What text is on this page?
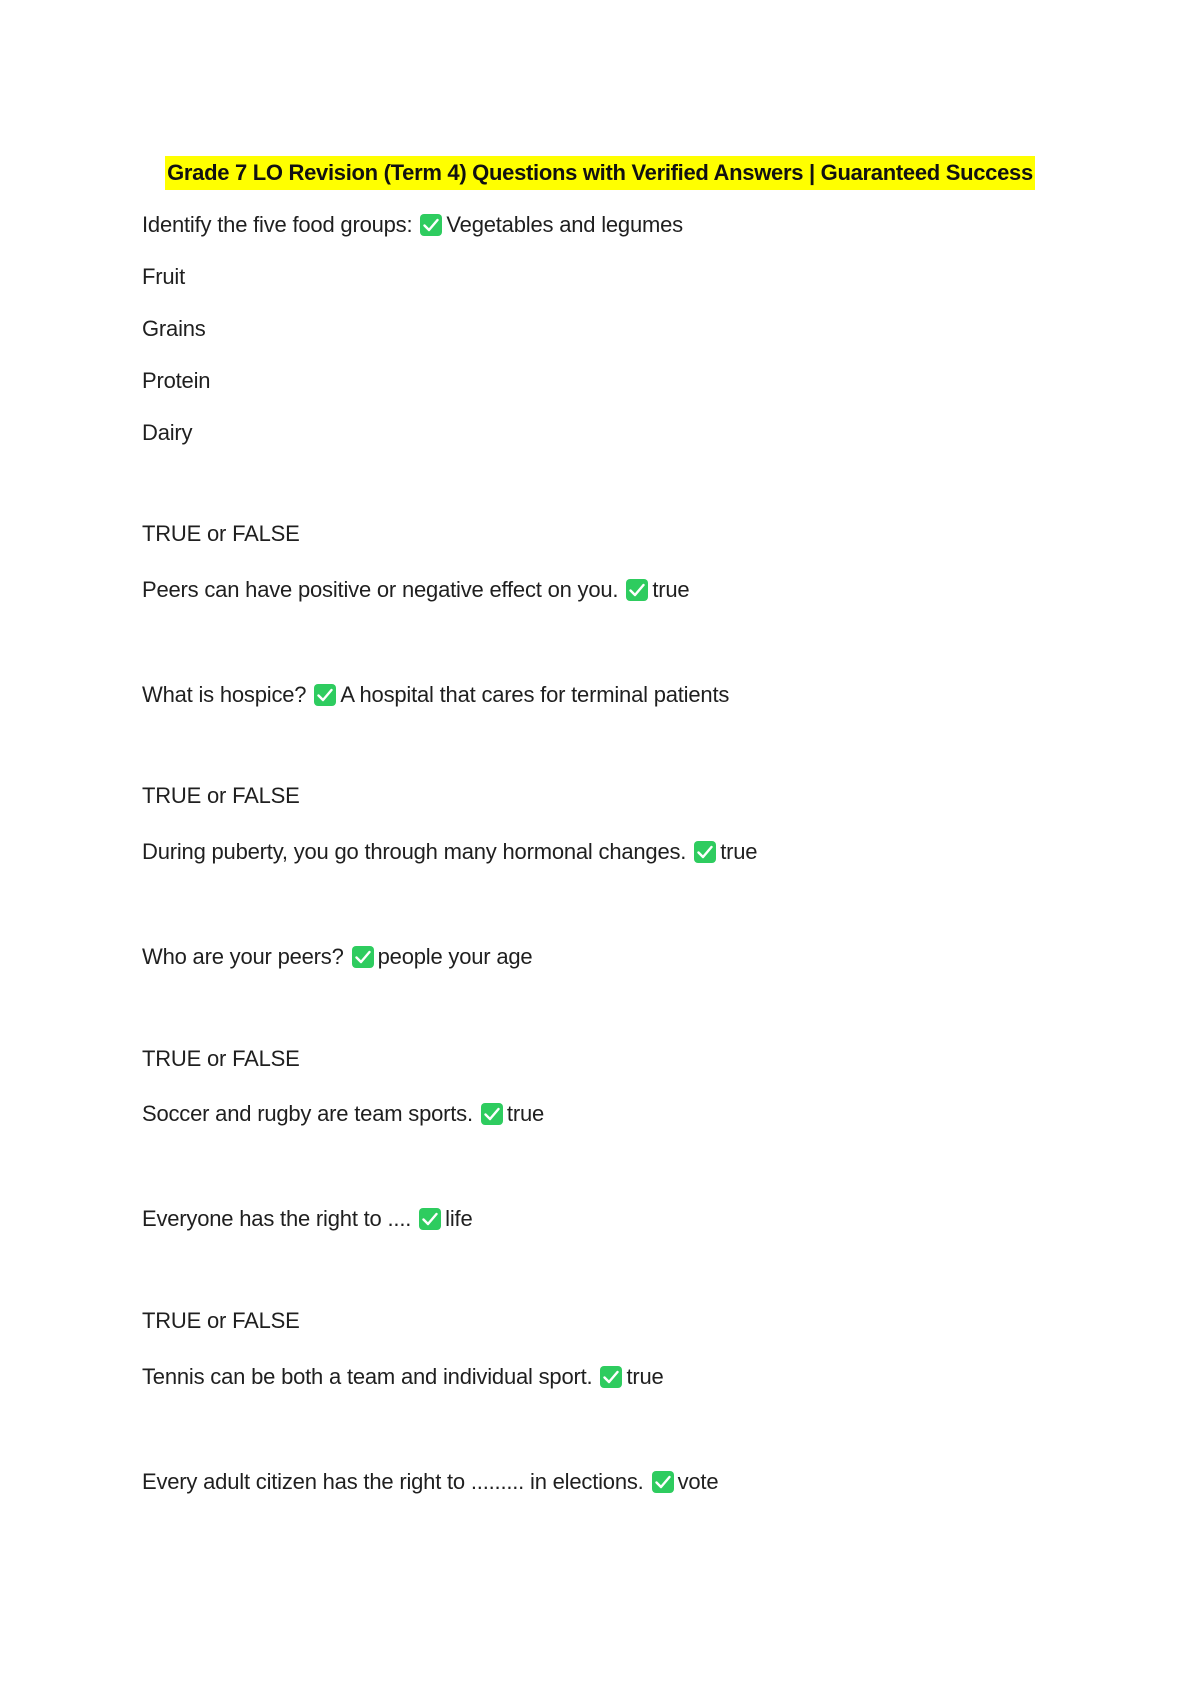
Grade 7 LO Revision (Term 4) Questions with Verified Answers | Guaranteed Success
Identify the five food groups: Vegetables and legumes
Fruit
Grains
Protein
Dairy
TRUE or FALSE
Peers can have positive or negative effect on you. true
What is hospice? A hospital that cares for terminal patients
TRUE or FALSE
During puberty, you go through many hormonal changes. true
Who are your peers? people your age
TRUE or FALSE
Soccer and rugby are team sports. true
Everyone has the right to .... life
TRUE or FALSE
Tennis can be both a team and individual sport. true
Every adult citizen has the right to ......... in elections. vote
